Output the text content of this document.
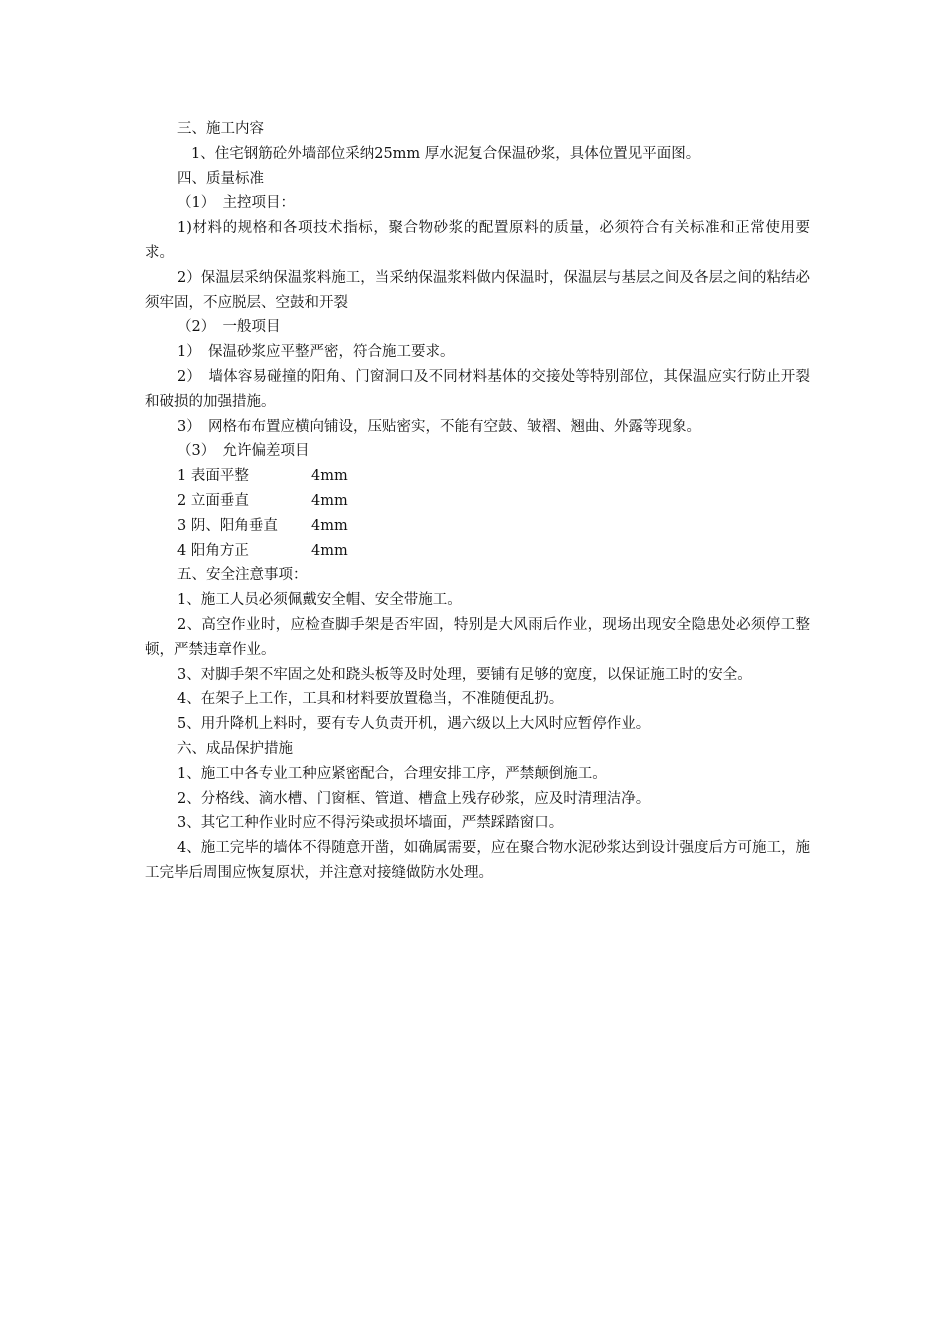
三、施工内容

1、住宅钢筋砼外墙部位采纳25mm 厚水泥复合保温砂浆，具体位置见平面图。

四、质量标准

（1）　主控项目：

1)材料的规格和各项技术指标，聚合物砂浆的配置原料的质量，必须符合有关标准和正常使用要求。

2）保温层采纳保温浆料施工，当采纳保温浆料做内保温时，保温层与基层之间及各层之间的粘结必须牢固，不应脱层、空鼓和开裂

（2）　一般项目

1）　保温砂浆应平整严密，符合施工要求。

2）　墙体容易碰撞的阳角、门窗洞口及不同材料基体的交接处等特别部位，其保温应实行防止开裂和破损的加强措施。

3）　网格布布置应横向铺设，压贴密实，不能有空鼓、皱褶、翘曲、外露等现象。

（3）　允许偏差项目

1 表面平整	4mm
2 立面垂直	4mm
3 阴、阳角垂直	4mm
4 阳角方正	4mm

五、安全注意事项：

1、施工人员必须佩戴安全帽、安全带施工。

2、高空作业时，应检查脚手架是否牢固，特别是大风雨后作业，现场出现安全隐患处必须停工整顿，严禁违章作业。

3、对脚手架不牢固之处和跷头板等及时处理，要铺有足够的宽度，以保证施工时的安全。

4、在架子上工作，工具和材料要放置稳当，不准随便乱扔。

5、用升降机上料时，要有专人负责开机，遇六级以上大风时应暂停作业。

六、成品保护措施

1、施工中各专业工种应紧密配合，合理安排工序，严禁颠倒施工。

2、分格线、滴水槽、门窗框、管道、槽盒上残存砂浆，应及时清理洁净。

3、其它工种作业时应不得污染或损坏墙面，严禁踩踏窗口。

4、施工完毕的墙体不得随意开凿，如确属需要，应在聚合物水泥砂浆达到设计强度后方可施工，施工完毕后周围应恢复原状，并注意对接缝做防水处理。
